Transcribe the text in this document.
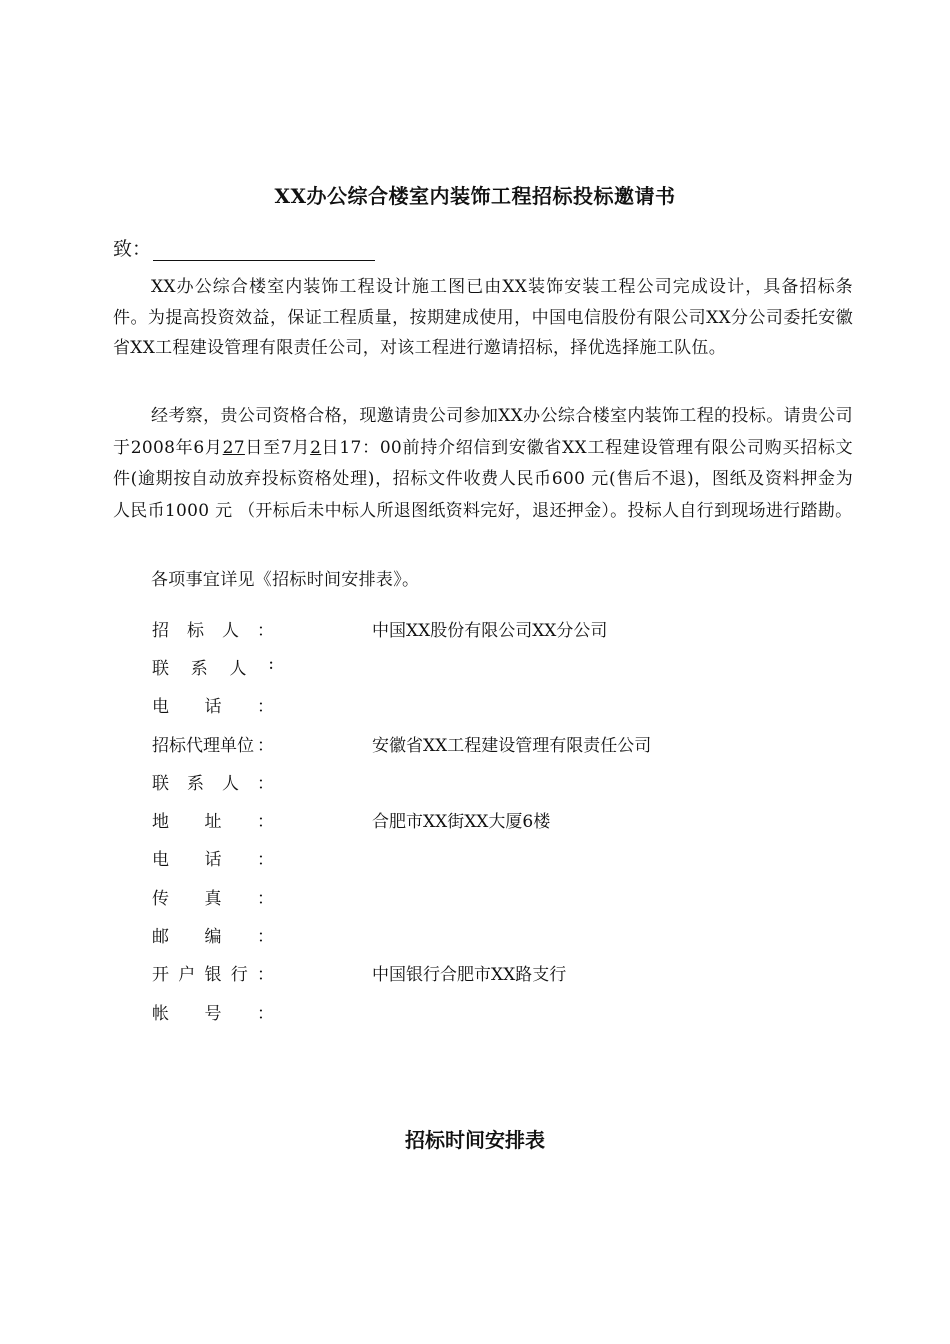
XX办公综合楼室内装饰工程招标投标邀请书
致：
XX办公综合楼室内装饰工程设计施工图已由XX装饰安装工程公司完成设计，具备招标条件。为提高投资效益，保证工程质量，按期建成使用，中国电信股份有限公司XX分公司委托安徽省XX工程建设管理有限责任公司，对该工程进行邀请招标，择优选择施工队伍。
经考察，贵公司资格合格，现邀请贵公司参加XX办公综合楼室内装饰工程的投标。请贵公司于2008年6月27日至7月2日17：00前持介绍信到安徽省XX工程建设管理有限公司购买招标文件(逾期按自动放弃投标资格处理)，招标文件收费人民币600 元(售后不退)，图纸及资料押金为人民币1000 元 （开标后未中标人所退图纸资料完好，退还押金）。投标人自行到现场进行踏勘。
各项事宜详见《招标时间安排表》。
招 标 人 ：	中国XX股份有限公司XX分公司
联 系 人 :
电 话 ：
招标代理单位 ：	安徽省XX工程建设管理有限责任公司
联 系 人 ：
地 址 ：	合肥市XX街XX大厦6楼
电 话 ：
传 真 ：
邮 编 ：
开 户 银 行 ：	中国银行合肥市XX路支行
帐 号 ：
招标时间安排表
